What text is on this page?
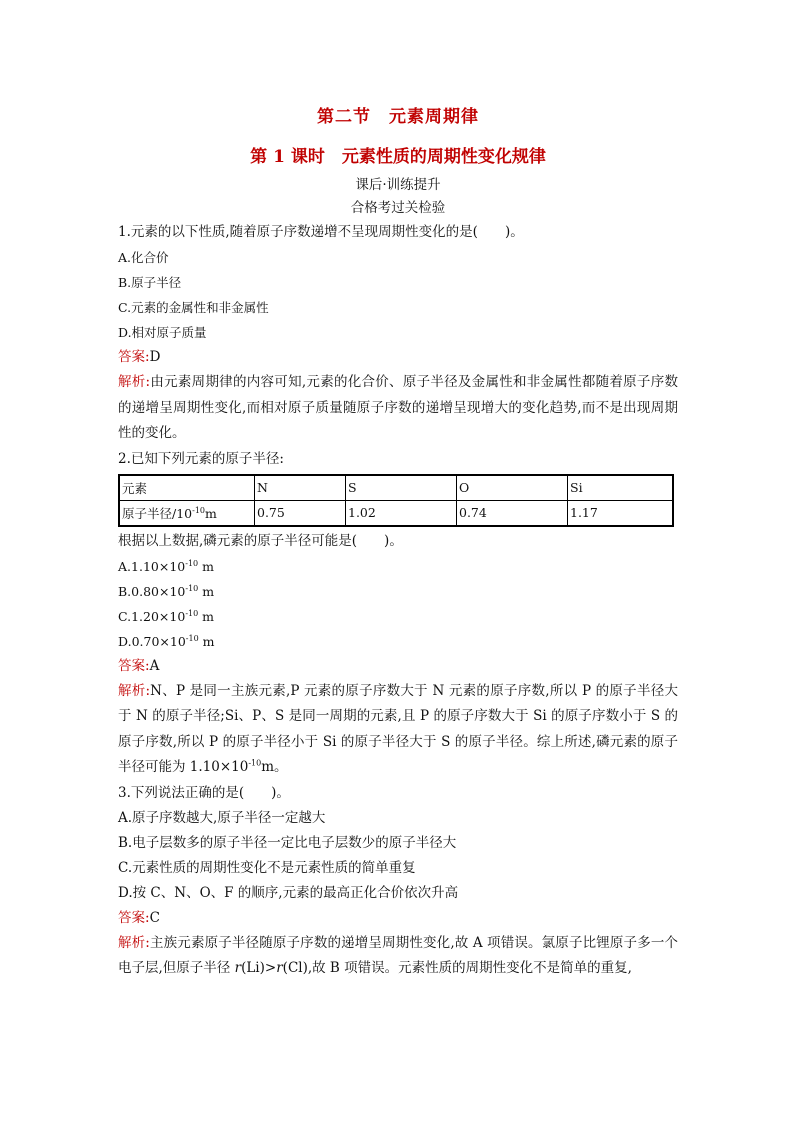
第二节　元素周期律
第 1 课时　元素性质的周期性变化规律
课后·训练提升
合格考过关检验
1.元素的以下性质,随着原子序数递增不呈现周期性变化的是(　　)。
A.化合价
B.原子半径
C.元素的金属性和非金属性
D.相对原子质量
答案:D
解析:由元素周期律的内容可知,元素的化合价、原子半径及金属性和非金属性都随着原子序数的递增呈周期性变化,而相对原子质量随原子序数的递增呈现增大的变化趋势,而不是出现周期性的变化。
2.已知下列元素的原子半径:
元素	N	S	O	Si
原子半径$/10^{-10}m$	0.75	1.02	0.74	1.17
根据以上数据,磷元素的原子半径可能是(　　)。
$A.1.10\times 10^{-10}$ m
$B.0.80\times 10^{-10}$ m
$C.1.20\times 10^{-10}$ m
$D.0.70\times 10^{-10}$ m
答案:A
解析:N、P 是同一主族元素,P 元素的原子序数大于 N 元素的原子序数,所以 P 的原子半径大于 N 的原子半径;Si、P、S 是同一周期的元素,且 P 的原子序数大于 Si 的原子序数小于 S 的原子序数,所以 P 的原子半径小于 Si 的原子半径大于 S 的原子半径。综上所述,磷元素的原子半径可能为 $1.10\times 10^{-10}m$。
3.下列说法正确的是(　　)。
A.原子序数越大,原子半径一定越大
B.电子层数多的原子半径一定比电子层数少的原子半径大
C.元素性质的周期性变化不是元素性质的简单重复
D.按 C、N、O、F 的顺序,元素的最高正化合价依次升高
答案:C
解析:主族元素原子半径随原子序数的递增呈周期性变化,故 A 项错误。氯原子比锂原子多一个电子层,但原子半径 r(Li)>r(Cl),故 B 项错误。元素性质的周期性变化不是简单的重复,
